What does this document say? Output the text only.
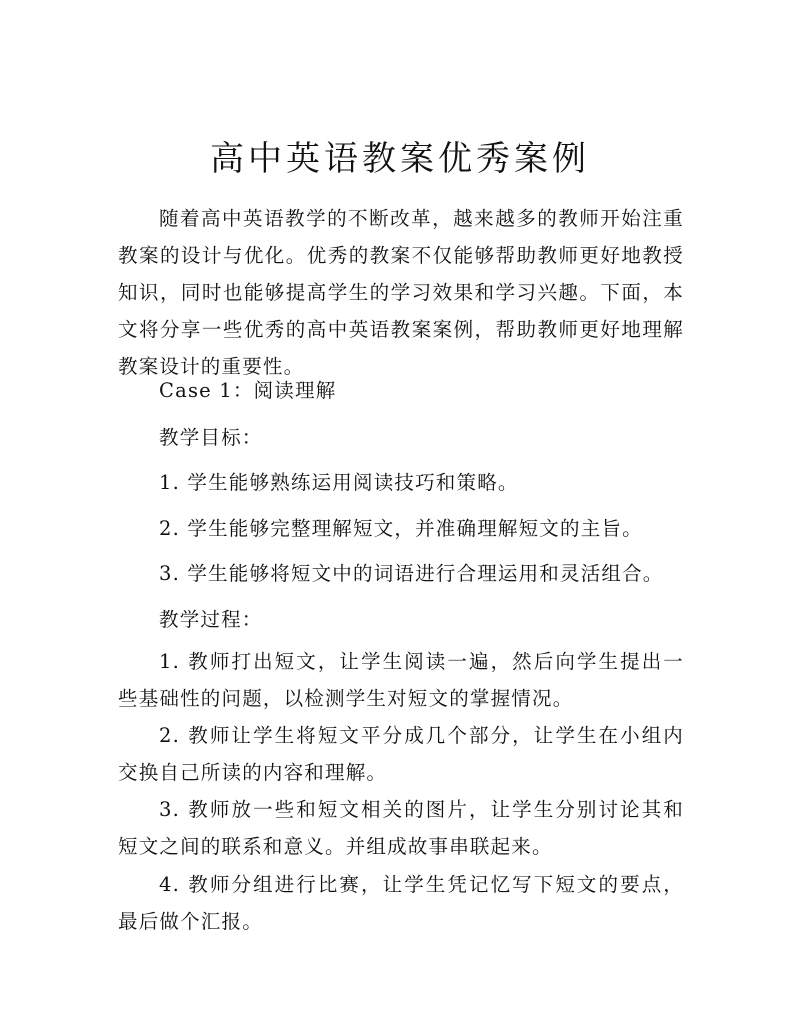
高中英语教案优秀案例

随着高中英语教学的不断改革，越来越多的教师开始注重教案的设计与优化。优秀的教案不仅能够帮助教师更好地教授知识，同时也能够提高学生的学习效果和学习兴趣。下面，本文将分享一些优秀的高中英语教案案例，帮助教师更好地理解教案设计的重要性。

Case 1：阅读理解

教学目标：

1. 学生能够熟练运用阅读技巧和策略。

2. 学生能够完整理解短文，并准确理解短文的主旨。

3. 学生能够将短文中的词语进行合理运用和灵活组合。

教学过程：

1. 教师打出短文，让学生阅读一遍，然后向学生提出一些基础性的问题，以检测学生对短文的掌握情况。

2. 教师让学生将短文平分成几个部分，让学生在小组内交换自己所读的内容和理解。

3. 教师放一些和短文相关的图片，让学生分别讨论其和短文之间的联系和意义。并组成故事串联起来。

4. 教师分组进行比赛，让学生凭记忆写下短文的要点，最后做个汇报。
